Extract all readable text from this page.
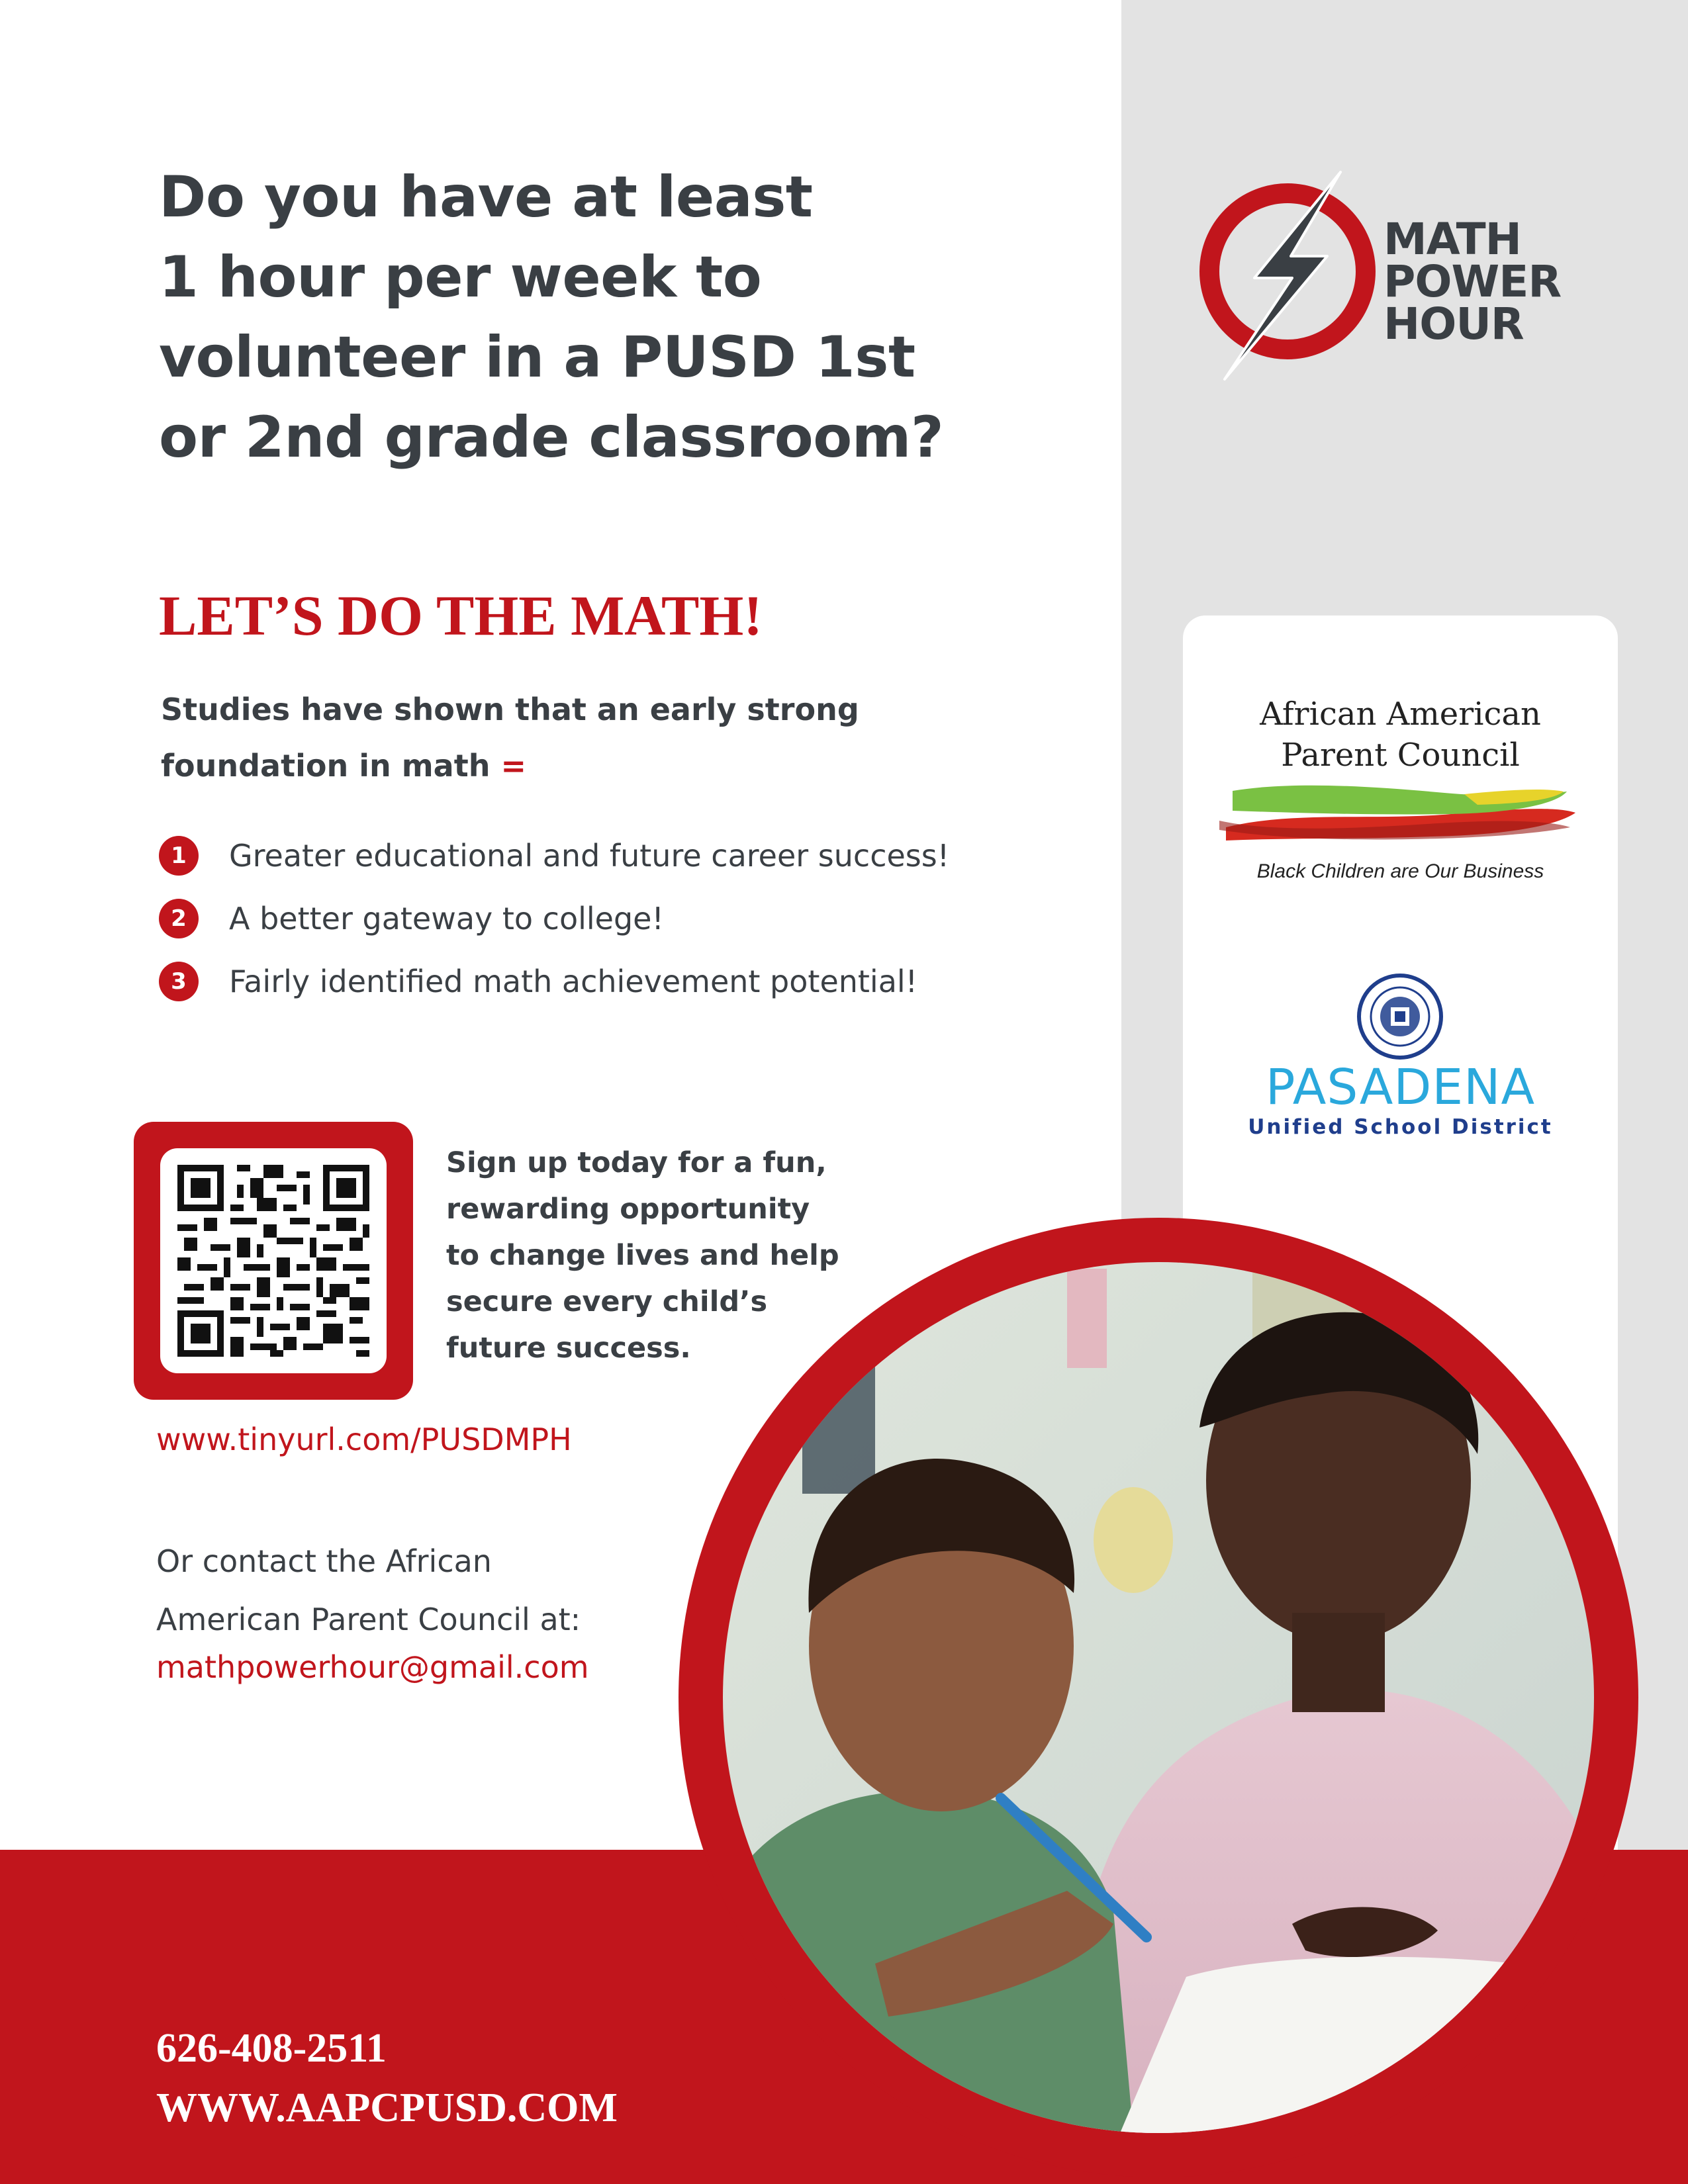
Do you have at least
1 hour per week to
volunteer in a PUSD 1st
or 2nd grade classroom?
LET’S DO THE MATH!
Studies have shown that an early strong
foundation in math =
1	Greater educational and future career success!
2	A better gateway to college!
3	Fairly identified math achievement potential!
Sign up today for a fun,
rewarding opportunity
to change lives and help
secure every child’s
future success.
www.tinyurl.com/PUSDMPH
Or contact the African
American Parent Council at:
mathpowerhour@gmail.com
MATH
POWER
HOUR
African American
Parent Council
Black Children are Our Business
PASADENA
Unified School District
626-408-2511
WWW.AAPCPUSD.COM
